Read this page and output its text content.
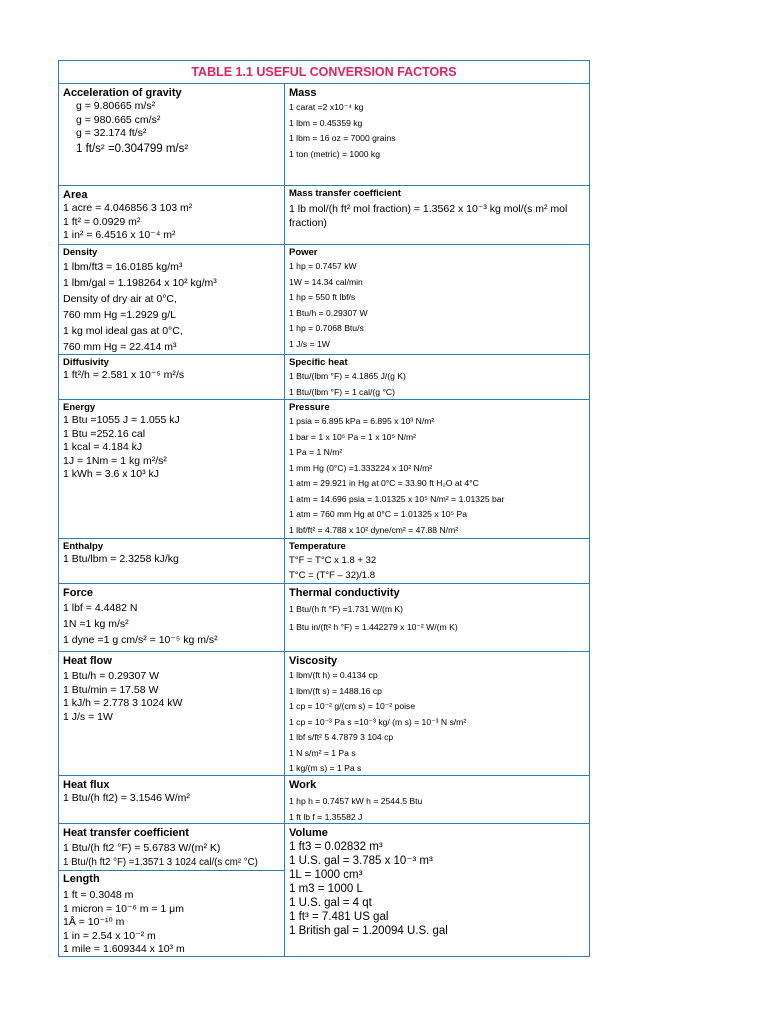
TABLE 1.1 USEFUL CONVERSION FACTORS
Acceleration of gravity
g = 9.80665 m/s²
g = 980.665 cm/s²
g = 32.174 ft/s²
1 ft/s² =0.304799 m/s²
Mass
1 carat =2 x10⁻⁴ kg
1 lbm = 0.45359 kg
1 lbm = 16 oz = 7000 grains
1 ton (metric) = 1000 kg
Area
1 acre = 4.046856 3 103 m²
1 ft² = 0.0929 m²
1 in² = 6.4516 x 10⁻⁴ m²
Mass transfer coefficient
1 lb mol/(h ft² mol fraction) = 1.3562 x 10⁻³ kg mol/(s m² mol
fraction)
Density
1 lbm/ft3 = 16.0185 kg/m³
1 lbm/gal = 1.198264 x 10² kg/m³
Density of dry air at 0°C,
760 mm Hg =1.2929 g/L
1 kg mol ideal gas at 0°C,
760 mm Hg = 22.414 m³
Power
1 hp = 0.7457 kW
1W = 14.34 cal/min
1 hp = 550 ft lbf/s
1 Btu/h = 0.29307 W
1 hp = 0.7068 Btu/s
1 J/s = 1W
Diffusivity
1 ft²/h = 2.581 x 10⁻⁵ m²/s
Specific heat
1 Btu/(lbm °F) = 4.1865 J/(g K)
1 Btu/(lbm °F) = 1 cal/(g °C)
Energy
1 Btu =1055 J = 1.055 kJ
1 Btu =252.16 cal
1 kcal = 4.184 kJ
1J = 1Nm = 1 kg m²/s²
1 kWh = 3.6 x 10³ kJ
Pressure
1 psia = 6.895 kPa = 6.895 x 10³ N/m²
1 bar = 1 x 10⁵ Pa = 1 x 10⁵ N/m²
1 Pa = 1 N/m²
1 mm Hg (0°C) =1.333224 x 10² N/m²
1 atm = 29.921 in Hg at 0°C = 33.90 ft H₂O at 4°C
1 atm = 14.696 psia = 1.01325 x 10⁵ N/m² = 1.01325 bar
1 atm = 760 mm Hg at 0°C = 1.01325 x 10⁵ Pa
1 lbf/ft² = 4.788 x 10² dyne/cm² = 47.88 N/m²
Enthalpy
1 Btu/lbm = 2.3258 kJ/kg
Temperature
T°F = T°C x 1.8 + 32
T°C = (T°F – 32)/1.8
Force
1 lbf = 4.4482 N
1N =1 kg m/s²
1 dyne =1 g cm/s² = 10⁻⁵ kg m/s²
Thermal conductivity
1 Btu/(h ft °F) =1.731 W/(m K)
1 Btu in/(ft² h °F) = 1.442279 x 10⁻² W/(m K)
Heat flow
1 Btu/h = 0.29307 W
1 Btu/min = 17.58 W
1 kJ/h = 2.778 3 1024 kW
1 J/s = 1W
Viscosity
1 lbm/(ft h) = 0.4134 cp
1 lbm/(ft s) = 1488.16 cp
1 cp = 10⁻² g/(cm s) = 10⁻² poise
1 cp = 10⁻³ Pa s =10⁻³ kg/ (m s) = 10⁻³ N s/m²
1 lbf s/ft² 5 4.7879 3 104 cp
1 N s/m² = 1 Pa s
1 kg/(m s) = 1 Pa s
Heat flux
1 Btu/(h ft2) = 3.1546 W/m²
Work
1 hp h = 0.7457 kW h = 2544.5 Btu
1 ft lb f = 1.35582 J
Heat transfer coefficient
1 Btu/(h ft2 °F) = 5.6783 W/(m² K)
1 Btu/(h ft2 °F) =1.3571 3 1024 cal/(s cm² °C)
Length
1 ft = 0.3048 m
1 micron = 10⁻⁶ m = 1 μm
1Å = 10⁻¹⁰ m
1 in = 2.54 x 10⁻² m
1 mile = 1.609344 x 10³ m
Volume
1 ft3 = 0.02832 m³
1 U.S. gal = 3.785 x 10⁻³ m³
1L = 1000 cm³
1 m3 = 1000 L
1 U.S. gal = 4 qt
1 ft³ = 7.481 US gal
1 British gal = 1.20094 U.S. gal
